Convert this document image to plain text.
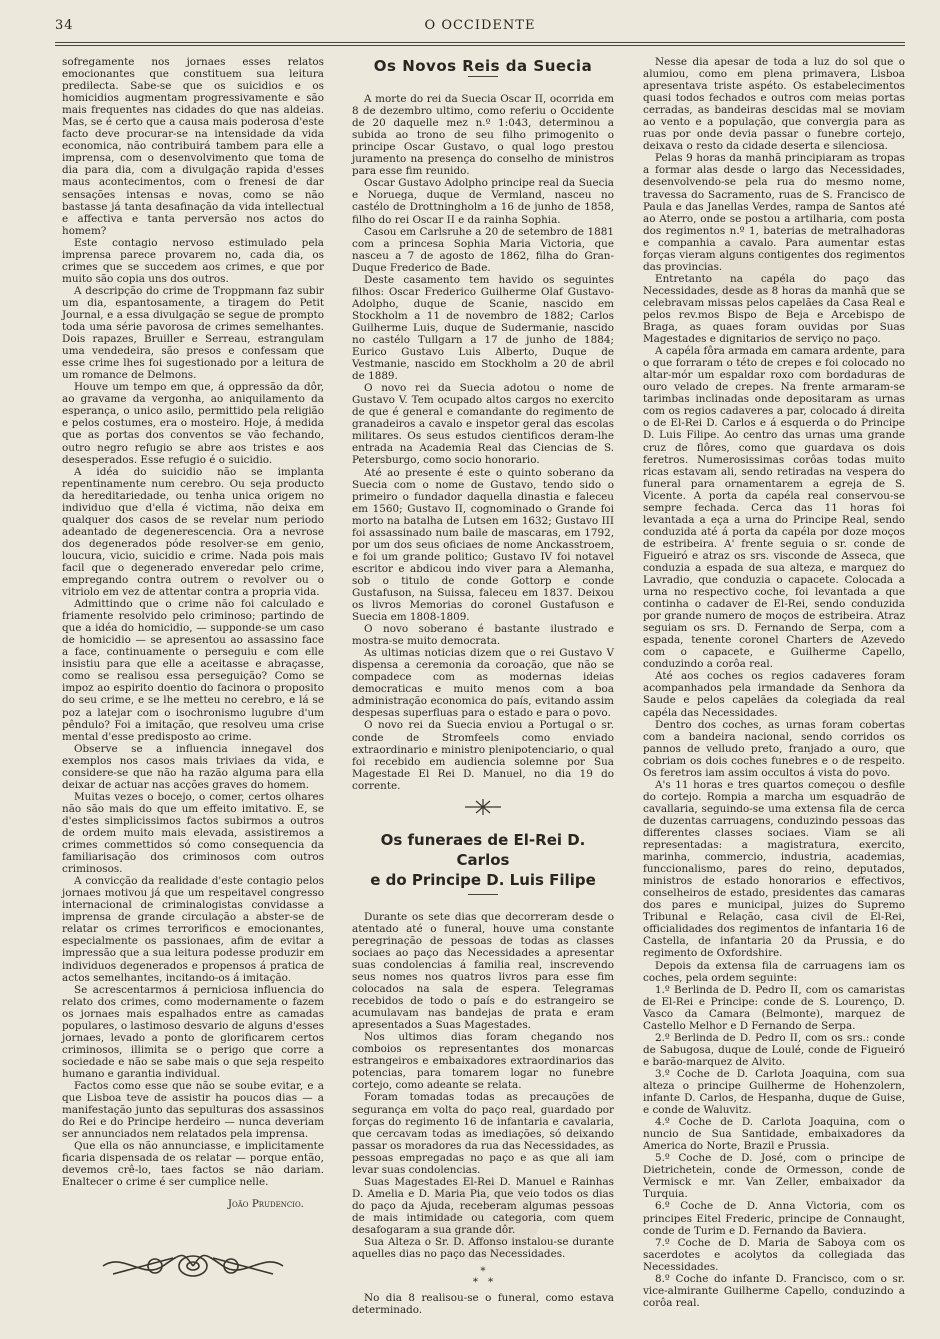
34	O OCCIDENTE

sofregamente nos jornaes esses relatos emocionantes que constituem sua leitura predilecta. Sabe-se que os suicidios e os homicidios augmentam progressivamente e são mais frequentes nas cidades do que nas aldeias. Mas, se é certo que a causa mais poderosa d'este facto deve procurar-se na intensidade da vida economica, não contribuirá tambem para elle a imprensa, com o desenvolvimento que toma de dia para dia, com a divulgação rapida d'esses maus acontecimentos, com o frenesi de dar sensações intensas e novas, como se não bastasse já tanta desafinação da vida intellectual e affectiva e tanta perversão nos actos do homem?

Este contagio nervoso estimulado pela imprensa parece provarem no, cada dia, os crimes que se succedem aos crimes, e que por muito são copia uns dos outros.

A descripção do crime de Troppmann faz subir um dia, espantosamente, a tiragem do Petit Journal, e a essa divulgação se segue de prompto toda uma série pavorosa de crimes semelhantes. Dois rapazes, Bruiller e Serreau, estrangulam uma vendedeira, são presos e confessam que esse crime lhes foi sugestionado por a leitura de um romance de Delmons.

Houve um tempo em que, á oppressão da dôr, ao gravame da vergonha, ao aniquilamento da esperança, o unico asilo, permittido pela religião e pelos costumes, era o mosteiro. Hoje, á medida que as portas dos conventos se vão fechando, outro negro refugio se abre aos tristes e aos desesperados. Esse refugio é o suicidio.

A idéa do suicidio não se implanta repentinamente num cerebro. Ou seja producto da hereditariedade, ou tenha unica origem no individuo que d'ella é victima, não deixa em qualquer dos casos de se revelar num periodo adeantado de degenerescencia. Ora a nevrose dos degenerados póde resolver-se em genio, loucura, vicio, suicidio e crime. Nada pois mais facil que o degenerado enveredar pelo crime, empregando contra outrem o revolver ou o vitriolo em vez de attentar contra a propria vida.

Admittindo que o crime não foi calculado e friamente resolvido pelo criminoso; partindo de que a idéa do homicidio, — supponde-se um caso de homicidio — se apresentou ao assassino face a face, continuamente o perseguiu e com elle insistiu para que elle a aceitasse e abraçasse, como se realisou essa perseguição? Como se impoz ao espirito doentio do facinora o proposito do seu crime, e se lhe metteu no cerebro, e lá se poz a latejar com o isochronismo lugubre d'um pêndulo? Foi a imitação, que resolveu uma crise mental d'esse predisposto ao crime.

Observe se a influencia innegavel dos exemplos nos casos mais triviaes da vida, e considere-se que não ha razão alguma para ella deixar de actuar nas acções graves do homem.

Muitas vezes o bocejo, o comer, certos olhares não são mais do que um effeito imitativo. E, se d'estes simplicissimos factos subirmos a outros de ordem muito mais elevada, assistiremos a crimes commettidos só como consequencia da familiarisação dos criminosos com outros criminosos.

A convicção da realidade d'este contagio pelos jornaes motivou já que um respeitavel congresso internacional de criminalogistas convidasse a imprensa de grande circulação a abster-se de relatar os crimes terrorificos e emocionantes, especialmente os passionaes, afim de evitar a impressão que a sua leitura podesse produzir em individuos degenerados e propensos á pratica de actos semelhantes, incitando-os á imitação.

Se acrescentarmos á perniciosa influencia do relato dos crimes, como modernamente o fazem os jornaes mais espalhados entre as camadas populares, o lastimoso desvario de alguns d'esses jornaes, levado a ponto de glorificarem certos criminosos, illimita se o perigo que corre a sociedade e não se sabe mais o que seja respeito humano e garantia individual.

Factos como esse que não se soube evitar, e a que Lisboa teve de assistir ha poucos dias — a manifestação junto das sepulturas dos assassinos do Rei e do Principe herdeiro — nunca deveriam ser annunciados nem relatados pela imprensa.

Que ella os não annunciasse, e implicitamente ficaria dispensada de os relatar — porque então, devemos crê-lo, taes factos se não dariam. Enaltecer o crime é ser cumplice nelle.

João Prudencio.
Os Novos Reis da Suecia

A morte do rei da Suecia Oscar II, ocorrida em 8 de dezembro ultimo, como referiu o Occidente de 20 daquelle mez n.º 1:043, determinou a subida ao trono de seu filho primogenito o principe Oscar Gustavo, o qual logo prestou juramento na presença do conselho de ministros para esse fim reunido.

Oscar Gustavo Adolpho principe real da Suecia e Noruega, duque de Vermland, nasceu no castélo de Drottningholm a 16 de junho de 1858, filho do rei Oscar II e da rainha Sophia.

Casou em Carlsruhe a 20 de setembro de 1881 com a princesa Sophia Maria Victoria, que nasceu a 7 de agosto de 1862, filha do Gran-Duque Frederico de Bade.

Deste casamento tem havido os seguintes filhos: Oscar Frederico Guilherme Olaf Gustavo-Adolpho, duque de Scanie, nascido em Stockholm a 11 de novembro de 1882; Carlos Guilherme Luis, duque de Sudermanie, nascido no castélo Tullgarn a 17 de junho de 1884; Eurico Gustavo Luis Alberto, Duque de Vestmanie, nascido em Stockholm a 20 de abril de 1889.

O novo rei da Suecia adotou o nome de Gustavo V. Tem ocupado altos cargos no exercito de que é general e comandante do regimento de granadeiros a cavalo e inspetor geral das escolas militares. Os seus estudos cientificos deram-lhe entrada na Academia Real das Ciencias de S. Petersburgo, como socio honorario.

Até ao presente é este o quinto soberano da Suecia com o nome de Gustavo, tendo sido o primeiro o fundador daquella dinastia e faleceu em 1560; Gustavo II, cognominado o Grande foi morto na batalha de Lutsen em 1632; Gustavo III foi assassinado num baile de mascaras, em 1792, por um dos seus oficiaes de nome Anckasstroem, e foi um grande politico; Gustavo IV foi notavel escritor e abdicou indo viver para a Alemanha, sob o titulo de conde Gottorp e conde Gustafuson, na Suissa, faleceu em 1837. Deixou os livros Memorias do coronel Gustafuson e Suecia em 1808-1809.

O novo soberano é bastante ilustrado e mostra-se muito democrata.

As ultimas noticias dizem que o rei Gustavo V dispensa a ceremonia da coroação, que não se compadece com as modernas ideias democraticas e muito menos com a boa administração economica do país, evitando assim despesas superfluas para o estado e para o povo.

O novo rei da Suecia enviou a Portugal o sr. conde de Stromfeels como enviado extraordinario e ministro plenipotenciario, o qual foi recebido em audiencia solemne por Sua Magestade El Rei D. Manuel, no dia 19 do corrente.

Os funeraes de El-Rei D. Carlos
e do Principe D. Luis Filipe

Durante os sete dias que decorreram desde o atentado até o funeral, houve uma constante peregrinação de pessoas de todas as classes sociaes ao paço das Necessidades a apresentar suas condolencias á familia real, inscrevendo seus nomes nos quatros livros para esse fim colocados na sala de espera. Telegramas recebidos de todo o país e do estrangeiro se acumulavam nas bandejas de prata e eram apresentados a Suas Magestades.

Nos ultimos dias foram chegando nos comboios os representantes dos monarcas estrangeiros e embaixadores extraordinarios das potencias, para tomarem logar no funebre cortejo, como adeante se relata.

Foram tomadas todas as precauções de segurança em volta do paço real, guardado por forças do regimento 16 de infantaria e cavalaria, que cercavam todas as imediações, só deixando passar os moradores da rua das Necessidades, as pessoas empregadas no paço e as que ali iam levar suas condolencias.

Suas Magestades El-Rei D. Manuel e Rainhas D. Amelia e D. Maria Pia, que veio todos os dias do paço da Ajuda, receberam algumas pessoas de mais intimidade ou categoria, com quem desafogaram a sua grande dôr.

Sua Alteza o Sr. D. Affonso instalou-se durante aquelles dias no paço das Necessidades.

*
*   *

No dia 8 realisou-se o funeral, como estava determinado.

Nesse dia apesar de toda a luz do sol que o alumiou, como em plena primavera, Lisboa apresentava triste aspéto. Os estabelecimentos quasi todos fechados e outros com meias portas cerradas, as bandeiras descidas mal se moviam ao vento e a população, que convergia para as ruas por onde devia passar o funebre cortejo, deixava o resto da cidade deserta e silenciosa.

Pelas 9 horas da manhã principiaram as tropas a formar alas desde o largo das Necessidades, desenvolvendo-se pela rua do mesmo nome, travessa do Sacramento, ruas de S. Francisco de Paula e das Janellas Verdes, rampa de Santos até ao Aterro, onde se postou a artilharia, com posta dos regimentos n.º 1, baterias de metralhadoras e companhia a cavalo. Para aumentar estas forças vieram alguns contigentes dos regimentos das provincias.

Entretanto na capéla do paço das Necessidades, desde as 8 horas da manhã que se celebravam missas pelos capelães da Casa Real e pelos rev.mos Bispo de Beja e Arcebispo de Braga, as quaes foram ouvidas por Suas Magestades e dignitarios de serviço no paço.

A capéla fôra armada em camara ardente, para o que forraram o této de crepes e foi colocado no altar-mór um espaldar roxo com bordaduras de ouro velado de crepes. Na frente armaram-se tarimbas inclinadas onde depositaram as urnas com os regios cadaveres a par, colocado á direita o de El-Rei D. Carlos e á esquerda o do Principe D. Luis Filipe. Ao centro das urnas uma grande cruz de flôres, como que guardava os dois feretros. Numerosissimas corôas todas muito ricas estavam ali, sendo retiradas na vespera do funeral para ornamentarem a egreja de S. Vicente. A porta da capéla real conservou-se sempre fechada. Cerca das 11 horas foi levantada a eça a urna do Principe Real, sendo conduzida até á porta da capéla por doze moços de estribeira. A' frente seguia o sr. conde de Figueiró e atraz os srs. visconde de Asseca, que conduzia a espada de sua alteza, e marquez do Lavradio, que conduzia o capacete. Colocada a urna no respectivo coche, foi levantada a que continha o cadaver de El-Rei, sendo conduzida por grande numero de moços de estribeira. Atraz seguiam os srs. D. Fernando de Serpa, com a espada, tenente coronel Charters de Azevedo com o capacete, e Guilherme Capello, conduzindo a corôa real.

Até aos coches os regios cadaveres foram acompanhados pela irmandade da Senhora da Saude e pelos capelães da colegiada da real capéla das Necessidades.

Dentro dos coches, as urnas foram cobertas com a bandeira nacional, sendo corridos os pannos de velludo preto, franjado a ouro, que cobriam os dois coches funebres e o de respeito. Os feretros iam assim occultos á vista do povo.

A's 11 horas e tres quartos começou o desfile do cortejo. Rompia a marcha um esquadrão de cavallaria, seguindo-se uma extensa fila de cerca de duzentas carruagens, conduzindo pessoas das differentes classes sociaes. Viam se ali representadas: a magistratura, exercito, marinha, commercio, industria, academias, funccionalismo, pares do reino, deputados, ministros de estado honorarios e effectivos, conselheiros de estado, presidentes das camaras dos pares e municipal, juizes do Supremo Tribunal e Relação, casa civil de El-Rei, officialidades dos regimentos de infantaria 16 de Castella, de infantaria 20 da Prussia, e do regimento de Oxfordshire.

Depois da extensa fila de carruagens iam os coches, pela ordem seguinte:

1.º Berlinda de D. Pedro II, com os camaristas de El-Rei e Principe: conde de S. Lourenço, D. Vasco da Camara (Belmonte), marquez de Castello Melhor e D Fernando de Serpa.

2.º Berlinda de D. Pedro II, com os srs.: conde de Sabugosa, duque de Loulé, conde de Figueiró e barão-marquez de Alvito.

3.º Coche de D. Carlota Joaquina, com sua alteza o principe Guilherme de Hohenzolern, infante D. Carlos, de Hespanha, duque de Guise, e conde de Waluvitz.

4.º Coche de D. Carlota Joaquina, com o nuncio de Sua Santidade, embaixadores da America do Norte, Brazil e Prussia.

5.º Coche de D. José, com o principe de Dietrichetein, conde de Ormesson, conde de Vermisck e mr. Van Zeller, embaixador da Turquia.

6.º Coche de D. Anna Victoria, com os principes Eitel Frederic, principe de Connaught, conde de Turim e D. Fernando da Baviera.

7.º Coche de D. Maria de Saboya com os sacerdotes e acolytos da collegiada das Necessidades.

8.º Coche do infante D. Francisco, com o sr. vice-almirante Guilherme Capello, conduzindo a corôa real.
